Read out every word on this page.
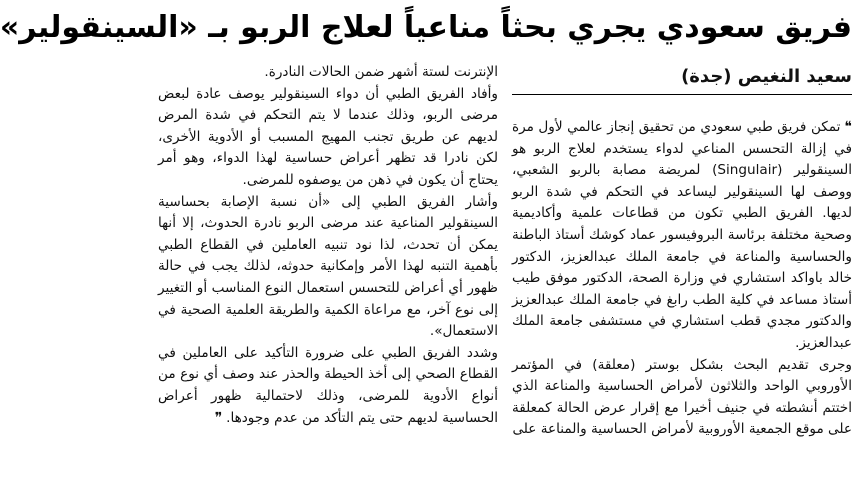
فريق سعودي يجري بحثاً مناعياً لعلاج الربو بـ «السينقولير»
سعيد النغيص (جدة)

❝تمكن فريق طبي سعودي من تحقيق إنجاز عالمي لأول مرة في إزالة التحسس المناعي لدواء يستخدم لعلاج الربو هو السينقولير (Singulair) لمريضة مصابة بالربو الشعبي، ووصف لها السينقولير ليساعد في التحكم في شدة الربو لديها. الفريق الطبي تكون من قطاعات علمية وأكاديمية وصحية مختلفة برئاسة البروفيسور عماد كوشك أستاذ الباطنة والحساسية والمناعة في جامعة الملك عبدالعزيز، الدكتور خالد باواكد استشاري في وزارة الصحة، الدكتور موفق طيب أستاذ مساعد في كلية الطب رابغ في جامعة الملك عبدالعزيز والدكتور مجدي قطب استشاري في مستشفى جامعة الملك عبدالعزيز.

وجرى تقديم البحث بشكل بوستر (معلقة) في المؤتمر الأوروبي الواحد والثلاثون لأمراض الحساسية والمناعة الذي اختتم أنشطته في جنيف أخيرا مع إقرار عرض الحالة كمعلقة على موقع الجمعية الأوروبية لأمراض الحساسية والمناعة على

الإنترنت لستة أشهر ضمن الحالات النادرة.

وأفاد الفريق الطبي أن دواء السينقولير يوصف عادة لبعض مرضى الربو، وذلك عندما لا يتم التحكم في شدة المرض لديهم عن طريق تجنب المهيج المسبب أو الأدوية الأخرى، لكن نادرا قد تظهر أعراض حساسية لهذا الدواء، وهو أمر يحتاج أن يكون في ذهن من يوصفوه للمرضى.

وأشار الفريق الطبي إلى «أن نسبة الإصابة بحساسية السينقولير المناعية عند مرضى الربو نادرة الحدوث، إلا أنها يمكن أن تحدث، لذا نود تنبيه العاملين في القطاع الطبي بأهمية التنبه لهذا الأمر وإمكانية حدوثه، لذلك يجب في حالة ظهور أي أعراض للتحسس استعمال النوع المناسب أو التغيير إلى نوع آخر، مع مراعاة الكمية والطريقة العلمية الصحية في الاستعمال».

وشدد الفريق الطبي على ضرورة التأكيد على العاملين في القطاع الصحي إلى أخذ الحيطة والحذر عند وصف أي نوع من أنواع الأدوية للمرضى، وذلك لاحتمالية ظهور أعراض الحساسية لديهم حتى يتم التأكد من عدم وجودها.❞
